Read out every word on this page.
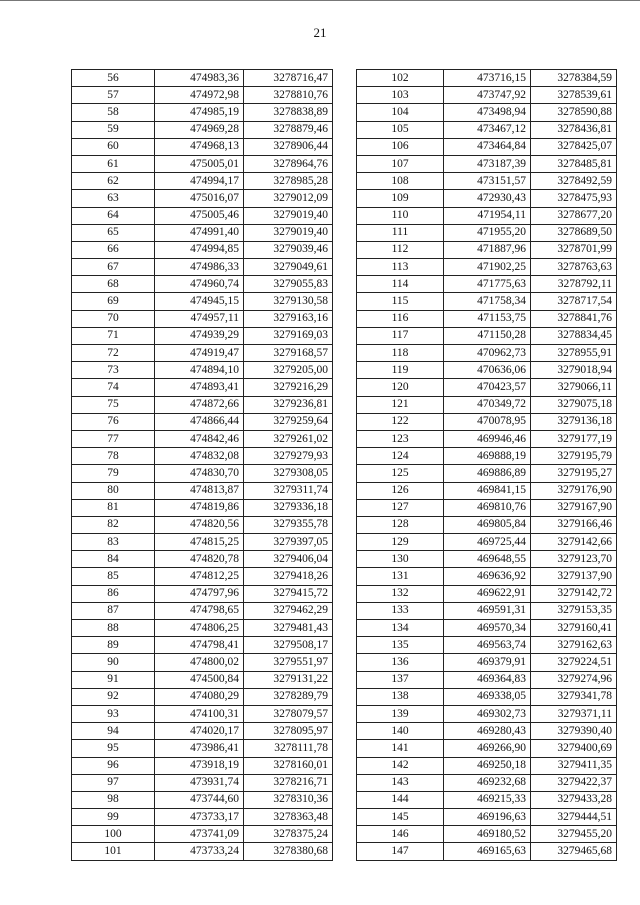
21
56	474983,36	3278716,47
57	474972,98	3278810,76
58	474985,19	3278838,89
59	474969,28	3278879,46
60	474968,13	3278906,44
61	475005,01	3278964,76
62	474994,17	3278985,28
63	475016,07	3279012,09
64	475005,46	3279019,40
65	474991,40	3279019,40
66	474994,85	3279039,46
67	474986,33	3279049,61
68	474960,74	3279055,83
69	474945,15	3279130,58
70	474957,11	3279163,16
71	474939,29	3279169,03
72	474919,47	3279168,57
73	474894,10	3279205,00
74	474893,41	3279216,29
75	474872,66	3279236,81
76	474866,44	3279259,64
77	474842,46	3279261,02
78	474832,08	3279279,93
79	474830,70	3279308,05
80	474813,87	3279311,74
81	474819,86	3279336,18
82	474820,56	3279355,78
83	474815,25	3279397,05
84	474820,78	3279406,04
85	474812,25	3279418,26
86	474797,96	3279415,72
87	474798,65	3279462,29
88	474806,25	3279481,43
89	474798,41	3279508,17
90	474800,02	3279551,97
91	474500,84	3279131,22
92	474080,29	3278289,79
93	474100,31	3278079,57
94	474020,17	3278095,97
95	473986,41	3278111,78
96	473918,19	3278160,01
97	473931,74	3278216,71
98	473744,60	3278310,36
99	473733,17	3278363,48
100	473741,09	3278375,24
101	473733,24	3278380,68
102	473716,15	3278384,59
103	473747,92	3278539,61
104	473498,94	3278590,88
105	473467,12	3278436,81
106	473464,84	3278425,07
107	473187,39	3278485,81
108	473151,57	3278492,59
109	472930,43	3278475,93
110	471954,11	3278677,20
111	471955,20	3278689,50
112	471887,96	3278701,99
113	471902,25	3278763,63
114	471775,63	3278792,11
115	471758,34	3278717,54
116	471153,75	3278841,76
117	471150,28	3278834,45
118	470962,73	3278955,91
119	470636,06	3279018,94
120	470423,57	3279066,11
121	470349,72	3279075,18
122	470078,95	3279136,18
123	469946,46	3279177,19
124	469888,19	3279195,79
125	469886,89	3279195,27
126	469841,15	3279176,90
127	469810,76	3279167,90
128	469805,84	3279166,46
129	469725,44	3279142,66
130	469648,55	3279123,70
131	469636,92	3279137,90
132	469622,91	3279142,72
133	469591,31	3279153,35
134	469570,34	3279160,41
135	469563,74	3279162,63
136	469379,91	3279224,51
137	469364,83	3279274,96
138	469338,05	3279341,78
139	469302,73	3279371,11
140	469280,43	3279390,40
141	469266,90	3279400,69
142	469250,18	3279411,35
143	469232,68	3279422,37
144	469215,33	3279433,28
145	469196,63	3279444,51
146	469180,52	3279455,20
147	469165,63	3279465,68
